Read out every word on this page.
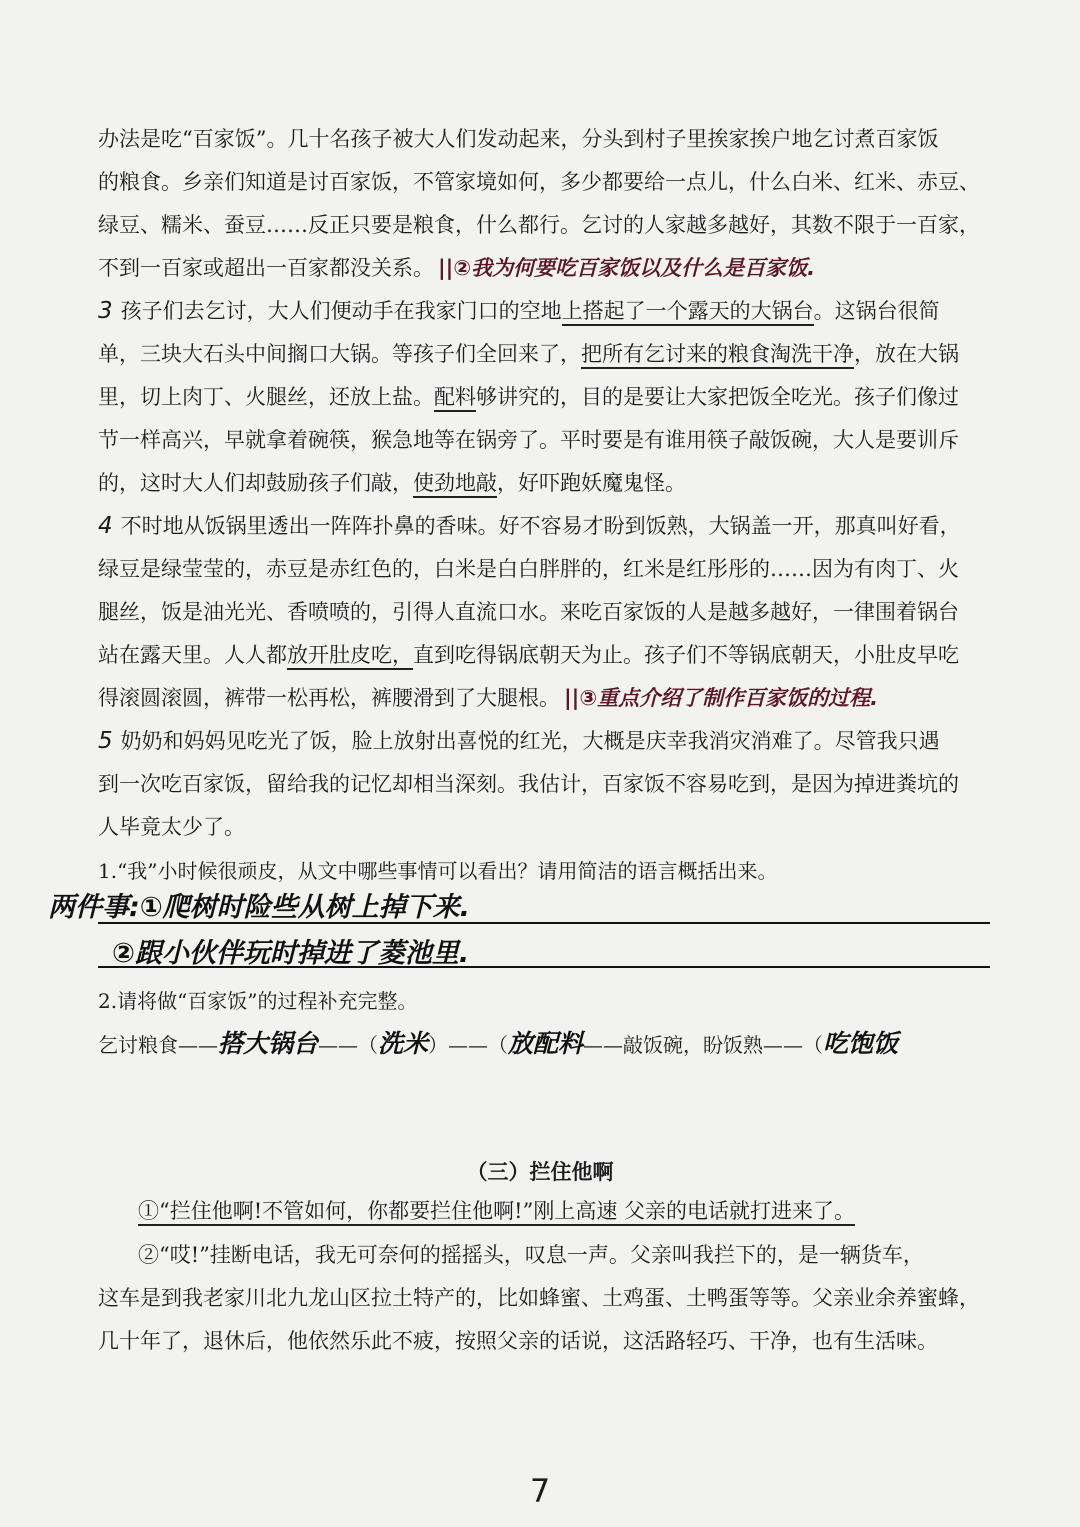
办法是吃“百家饭”。几十名孩子被大人们发动起来，分头到村子里挨家挨户地乞讨煮百家饭
的粮食。乡亲们知道是讨百家饭，不管家境如何，多少都要给一点儿，什么白米、红米、赤豆、
绿豆、糯米、蚕豆……反正只要是粮食，什么都行。乞讨的人家越多越好，其数不限于一百家，
不到一百家或超出一百家都没关系。 ||②我为何要吃百家饭以及什么是百家饭.
3 孩子们去乞讨，大人们便动手在我家门口的空地上搭起了一个露天的大锅台。这锅台很简
单，三块大石头中间搁口大锅。等孩子们全回来了，把所有乞讨来的粮食淘洗干净，放在大锅
里，切上肉丁、火腿丝，还放上盐。配料够讲究的，目的是要让大家把饭全吃光。孩子们像过
节一样高兴，早就拿着碗筷，猴急地等在锅旁了。平时要是有谁用筷子敲饭碗，大人是要训斥
的，这时大人们却鼓励孩子们敲，使劲地敲，好吓跑妖魔鬼怪。
4 不时地从饭锅里透出一阵阵扑鼻的香味。好不容易才盼到饭熟，大锅盖一开，那真叫好看，
绿豆是绿莹莹的，赤豆是赤红色的，白米是白白胖胖的，红米是红彤彤的……因为有肉丁、火
腿丝，饭是油光光、香喷喷的，引得人直流口水。来吃百家饭的人是越多越好，一律围着锅台
站在露天里。人人都放开肚皮吃，直到吃得锅底朝天为止。孩子们不等锅底朝天，小肚皮早吃
得滚圆滚圆，裤带一松再松，裤腰滑到了大腿根。 ||③重点介绍了制作百家饭的过程.
5 奶奶和妈妈见吃光了饭，脸上放射出喜悦的红光，大概是庆幸我消灾消难了。尽管我只遇
到一次吃百家饭，留给我的记忆却相当深刻。我估计，百家饭不容易吃到，是因为掉进粪坑的
人毕竟太少了。
1.“我”小时候很顽皮，从文中哪些事情可以看出？请用简洁的语言概括出来。
两件事:①爬树时险些从树上掉下来.
②跟小伙伴玩时掉进了菱池里.
2.请将做“百家饭”的过程补充完整。
乞讨粮食——搭大锅台——（洗米）——（放配料——敲饭碗，盼饭熟——（吃饱饭
（三）拦住他啊
①“拦住他啊!不管如何，你都要拦住他啊!”刚上高速 父亲的电话就打进来了。
②“哎!”挂断电话，我无可奈何的摇摇头，叹息一声。父亲叫我拦下的，是一辆货车，
这车是到我老家川北九龙山区拉土特产的，比如蜂蜜、土鸡蛋、土鸭蛋等等。父亲业余养蜜蜂，
几十年了，退休后，他依然乐此不疲，按照父亲的话说，这活路轻巧、干净，也有生活味。
7
